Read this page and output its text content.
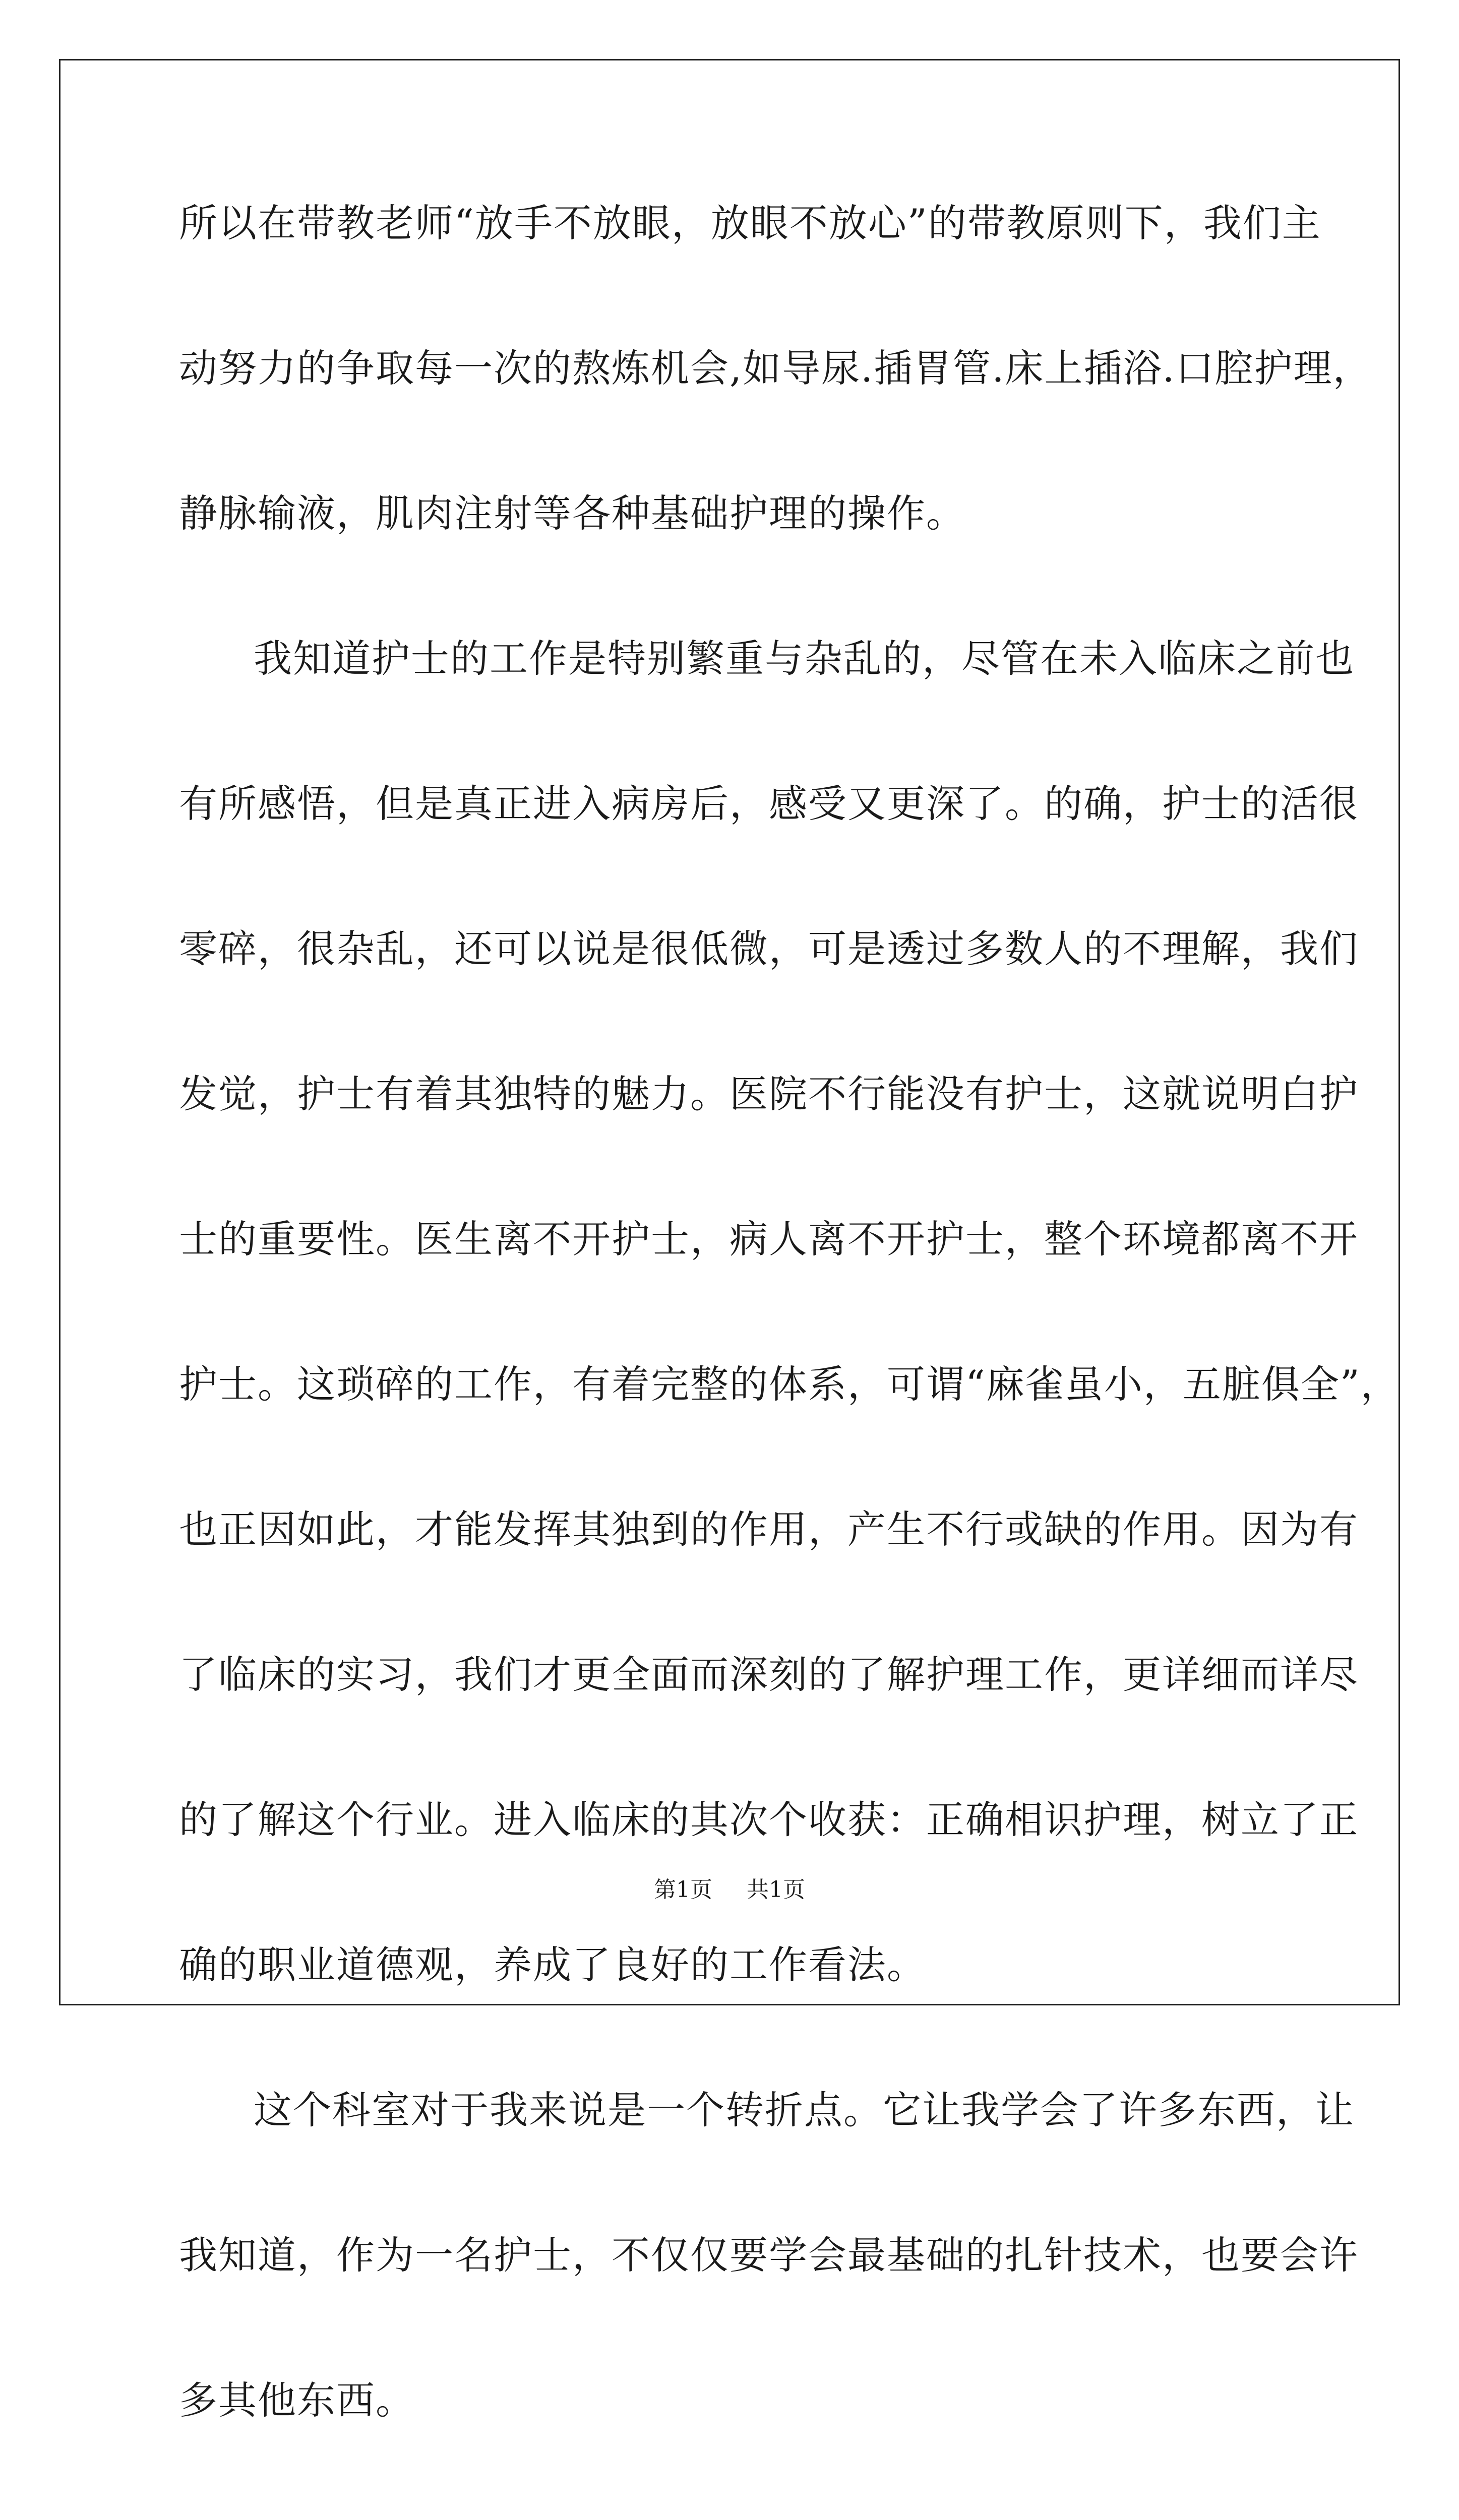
所以在带教老师“放手不放眼，放眼不放心”的带教原则下，我们主
动努力的争取每一次的熬炼机会,如导尿.插胃管.床上插浴.口腔护理，
静脉输液，肌肉注射等各种基础护理的操作。
我知道护士的工作是特别繁重与杂乱的，尽管在未入临床之前也
有所感悟，但是真正进入病房后，感受又更深了。的确，护士的活很
零碎，很杂乱，还可以说是很低微，可是透过多数人的不理解，我们
发觉，护士有着其独特的魅力。医院不行能没有护士，这就说明白护
士的重要性。医生离不开护士，病人离不开护士，整个环境都离不开
护士。这琐碎的工作，有着完整的体系，可谓“麻雀虽小，五脏俱全”，
也正因如此，才能发挥其独到的作用，产生不行或缺的作用。因为有
了临床的实习，我们才更全面而深刻的了解护理工作，更详细而详尽
的了解这个行业。进入临床的其次个收获：正确相识护理，树立了正
确的职业道德观，养成了良好的工作看法。
这个科室对于我来说是一个转折点。它让我学会了许多东西，让
我知道，作为一名护士，不仅仅要学会最基础的扎针技术，也要会许
多其他东西。
第1页 共1页
